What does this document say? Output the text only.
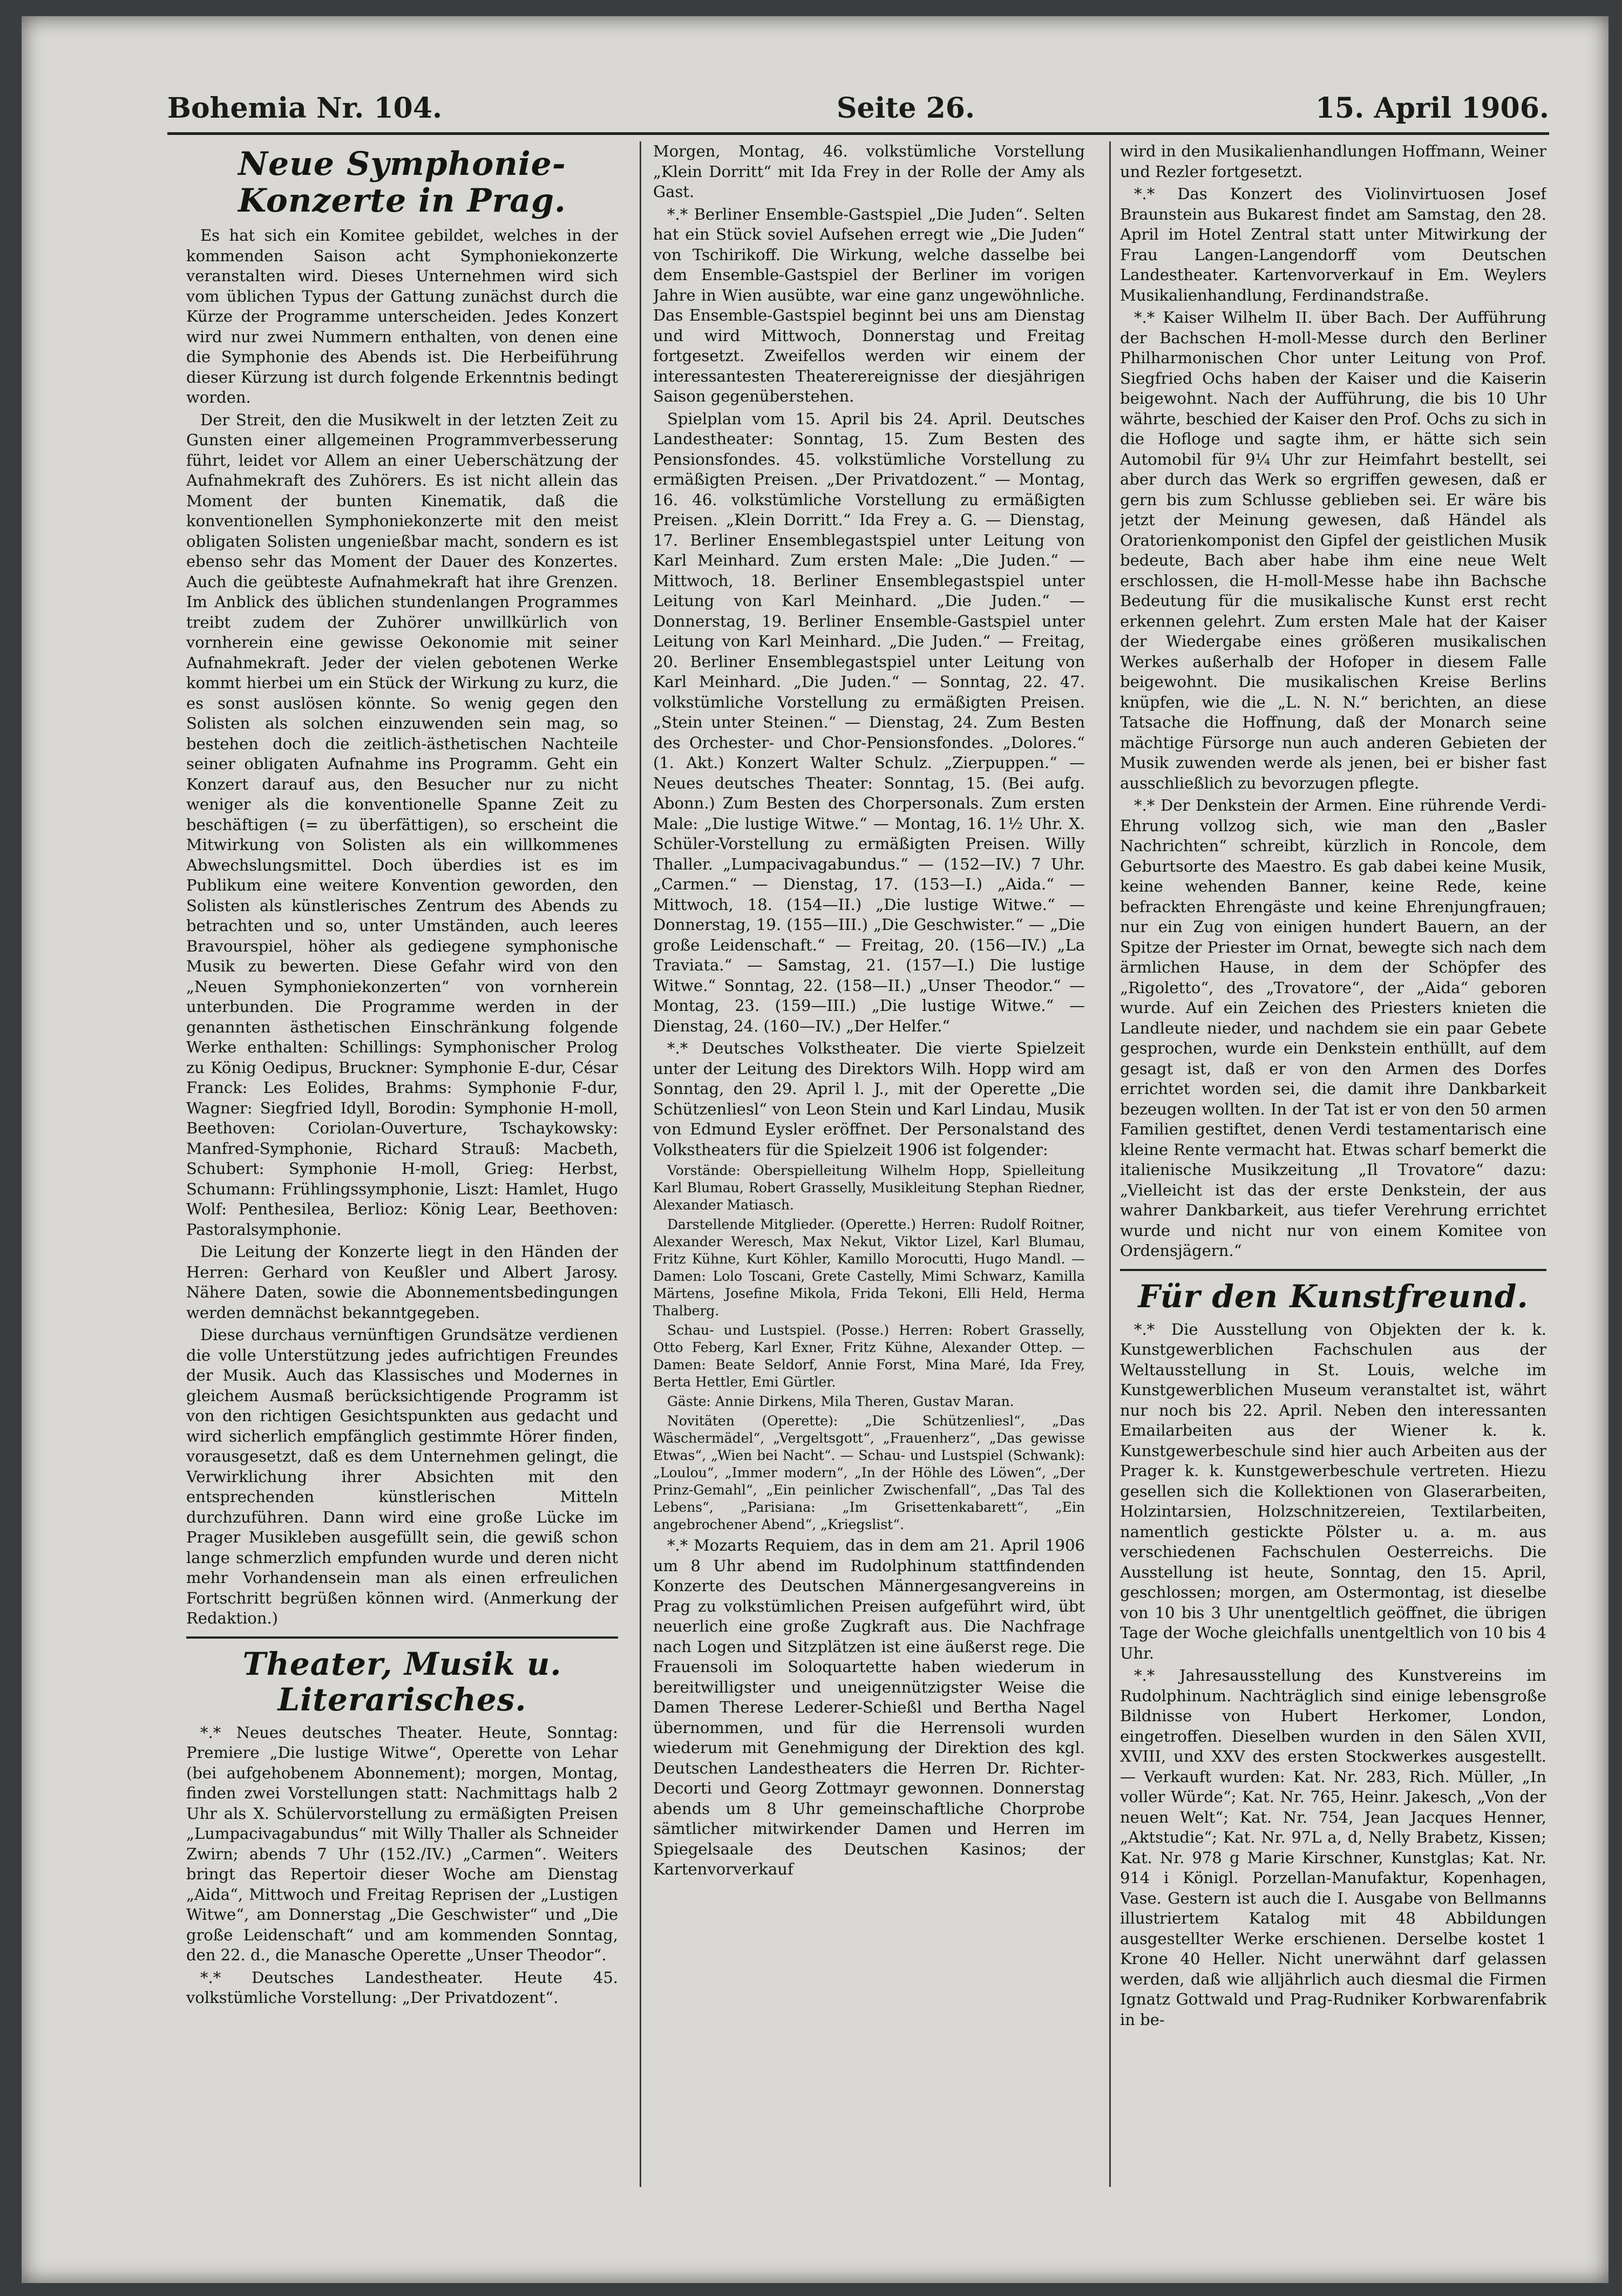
Bohemia Nr. 104.	Seite 26.	15. April 1906.
Neue Symphonie-Konzerte in Prag.

Es hat sich ein Komitee gebildet, welches in der kommenden Saison acht Symphoniekonzerte veranstalten wird. Dieses Unternehmen wird sich vom üblichen Typus der Gattung zunächst durch die Kürze der Programme unterscheiden. Jedes Konzert wird nur zwei Nummern enthalten, von denen eine die Symphonie des Abends ist. Die Herbeiführung dieser Kürzung ist durch folgende Erkenntnis bedingt worden.

Der Streit, den die Musikwelt in der letzten Zeit zu Gunsten einer allgemeinen Programmverbesserung führt, leidet vor Allem an einer Ueberschätzung der Aufnahmekraft des Zuhörers. Es ist nicht allein das Moment der bunten Kinematik, daß die konventionellen Symphoniekonzerte mit den meist obligaten Solisten ungenießbar macht, sondern es ist ebenso sehr das Moment der Dauer des Konzertes. Auch die geübteste Aufnahmekraft hat ihre Grenzen. Im Anblick des üblichen stundenlangen Programmes treibt zudem der Zuhörer unwillkürlich von vornherein eine gewisse Oekonomie mit seiner Aufnahmekraft. Jeder der vielen gebotenen Werke kommt hierbei um ein Stück der Wirkung zu kurz, die es sonst auslösen könnte. So wenig gegen den Solisten als solchen einzuwenden sein mag, so bestehen doch die zeitlich-ästhetischen Nachteile seiner obligaten Aufnahme ins Programm. Geht ein Konzert darauf aus, den Besucher nur zu nicht weniger als die konventionelle Spanne Zeit zu beschäftigen (= zu überfättigen), so erscheint die Mitwirkung von Solisten als ein willkommenes Abwechslungsmittel. Doch überdies ist es im Publikum eine weitere Konvention geworden, den Solisten als künstlerisches Zentrum des Abends zu betrachten und so, unter Umständen, auch leeres Bravourspiel, höher als gediegene symphonische Musik zu bewerten. Diese Gefahr wird von den „Neuen Symphoniekonzerten“ von vornherein unterbunden. Die Programme werden in der genannten ästhetischen Einschränkung folgende Werke enthalten: Schillings: Symphonischer Prolog zu König Oedipus, Bruckner: Symphonie E-dur, César Franck: Les Eolides, Brahms: Symphonie F-dur, Wagner: Siegfried Idyll, Borodin: Symphonie H-moll, Beethoven: Coriolan-Ouverture, Tschaykowsky: Manfred-Symphonie, Richard Strauß: Macbeth, Schubert: Symphonie H-moll, Grieg: Herbst, Schumann: Frühlingssymphonie, Liszt: Hamlet, Hugo Wolf: Penthesilea, Berlioz: König Lear, Beethoven: Pastoralsymphonie.

Die Leitung der Konzerte liegt in den Händen der Herren: Gerhard von Keußler und Albert Jarosy. Nähere Daten, sowie die Abonnementsbedingungen werden demnächst bekanntgegeben.

Diese durchaus vernünftigen Grundsätze verdienen die volle Unterstützung jedes aufrichtigen Freundes der Musik. Auch das Klassisches und Modernes in gleichem Ausmaß berücksichtigende Programm ist von den richtigen Gesichtspunkten aus gedacht und wird sicherlich empfänglich gestimmte Hörer finden, vorausgesetzt, daß es dem Unternehmen gelingt, die Verwirklichung ihrer Absichten mit den entsprechenden künstlerischen Mitteln durchzuführen. Dann wird eine große Lücke im Prager Musikleben ausgefüllt sein, die gewiß schon lange schmerzlich empfunden wurde und deren nicht mehr Vorhandensein man als einen erfreulichen Fortschritt begrüßen können wird. (Anmerkung der Redaktion.)

Theater, Musik u. Literarisches.

*.* Neues deutsches Theater. Heute, Sonntag: Premiere „Die lustige Witwe“, Operette von Lehar (bei aufgehobenem Abonnement); morgen, Montag, finden zwei Vorstellungen statt: Nachmittags halb 2 Uhr als X. Schülervorstellung zu ermäßigten Preisen „Lumpacivagabundus“ mit Willy Thaller als Schneider Zwirn; abends 7 Uhr (152./IV.) „Carmen“. Weiters bringt das Repertoir dieser Woche am Dienstag „Aida“, Mittwoch und Freitag Reprisen der „Lustigen Witwe“, am Donnerstag „Die Geschwister“ und „Die große Leidenschaft“ und am kommenden Sonntag, den 22. d., die Manasche Operette „Unser Theodor“.

*.* Deutsches Landestheater. Heute 45. volkstümliche Vorstellung: „Der Privatdozent“.

Morgen, Montag, 46. volkstümliche Vorstellung „Klein Dorritt“ mit Ida Frey in der Rolle der Amy als Gast.

*.* Berliner Ensemble-Gastspiel „Die Juden“. Selten hat ein Stück soviel Aufsehen erregt wie „Die Juden“ von Tschirikoff. Die Wirkung, welche dasselbe bei dem Ensemble-Gastspiel der Berliner im vorigen Jahre in Wien ausübte, war eine ganz ungewöhnliche. Das Ensemble-Gastspiel beginnt bei uns am Dienstag und wird Mittwoch, Donnerstag und Freitag fortgesetzt. Zweifellos werden wir einem der interessantesten Theaterereignisse der diesjährigen Saison gegenüberstehen.

Spielplan vom 15. April bis 24. April. Deutsches Landestheater: Sonntag, 15. Zum Besten des Pensionsfondes. 45. volkstümliche Vorstellung zu ermäßigten Preisen. „Der Privatdozent.“ — Montag, 16. 46. volkstümliche Vorstellung zu ermäßigten Preisen. „Klein Dorritt.“ Ida Frey a. G. — Dienstag, 17. Berliner Ensemblegastspiel unter Leitung von Karl Meinhard. Zum ersten Male: „Die Juden.“ — Mittwoch, 18. Berliner Ensemblegastspiel unter Leitung von Karl Meinhard. „Die Juden.“ — Donnerstag, 19. Berliner Ensemble-Gastspiel unter Leitung von Karl Meinhard. „Die Juden.“ — Freitag, 20. Berliner Ensemblegastspiel unter Leitung von Karl Meinhard. „Die Juden.“ — Sonntag, 22. 47. volkstümliche Vorstellung zu ermäßigten Preisen. „Stein unter Steinen.“ — Dienstag, 24. Zum Besten des Orchester- und Chor-Pensionsfondes. „Dolores.“ (1. Akt.) Konzert Walter Schulz. „Zierpuppen.“ — Neues deutsches Theater: Sonntag, 15. (Bei aufg. Abonn.) Zum Besten des Chorpersonals. Zum ersten Male: „Die lustige Witwe.“ — Montag, 16. 1½ Uhr. X. Schüler-Vorstellung zu ermäßigten Preisen. Willy Thaller. „Lumpacivagabundus.“ — (152—IV.) 7 Uhr. „Carmen.“ — Dienstag, 17. (153—I.) „Aida.“ — Mittwoch, 18. (154—II.) „Die lustige Witwe.“ — Donnerstag, 19. (155—III.) „Die Geschwister.“ — „Die große Leidenschaft.“ — Freitag, 20. (156—IV.) „La Traviata.“ — Samstag, 21. (157—I.) Die lustige Witwe.“ Sonntag, 22. (158—II.) „Unser Theodor.“ — Montag, 23. (159—III.) „Die lustige Witwe.“ — Dienstag, 24. (160—IV.) „Der Helfer.“

*.* Deutsches Volkstheater. Die vierte Spielzeit unter der Leitung des Direktors Wilh. Hopp wird am Sonntag, den 29. April l. J., mit der Operette „Die Schützenliesl“ von Leon Stein und Karl Lindau, Musik von Edmund Eysler eröffnet. Der Personalstand des Volkstheaters für die Spielzeit 1906 ist folgender:

Vorstände: Oberspielleitung Wilhelm Hopp, Spielleitung Karl Blumau, Robert Grasselly, Musikleitung Stephan Riedner, Alexander Matiasch.

Darstellende Mitglieder. (Operette.) Herren: Rudolf Roitner, Alexander Weresch, Max Nekut, Viktor Lizel, Karl Blumau, Fritz Kühne, Kurt Köhler, Kamillo Morocutti, Hugo Mandl. — Damen: Lolo Toscani, Grete Castelly, Mimi Schwarz, Kamilla Märtens, Josefine Mikola, Frida Tekoni, Elli Held, Herma Thalberg.

Schau- und Lustspiel. (Posse.) Herren: Robert Grasselly, Otto Feberg, Karl Exner, Fritz Kühne, Alexander Ottep. — Damen: Beate Seldorf, Annie Forst, Mina Maré, Ida Frey, Berta Hettler, Emi Gürtler.

Gäste: Annie Dirkens, Mila Theren, Gustav Maran.

Novitäten (Operette): „Die Schützenliesl“, „Das Wäschermädel“, „Vergeltsgott“, „Frauenherz“, „Das gewisse Etwas“, „Wien bei Nacht“. — Schau- und Lustspiel (Schwank): „Loulou“, „Immer modern“, „In der Höhle des Löwen“, „Der Prinz-Gemahl“, „Ein peinlicher Zwischenfall“, „Das Tal des Lebens“, „Parisiana: „Im Grisettenkabarett“, „Ein angebrochener Abend“, „Kriegslist“.

*.* Mozarts Requiem, das in dem am 21. April 1906 um 8 Uhr abend im Rudolphinum stattfindenden Konzerte des Deutschen Männergesangvereins in Prag zu volkstümlichen Preisen aufgeführt wird, übt neuerlich eine große Zugkraft aus. Die Nachfrage nach Logen und Sitzplätzen ist eine äußerst rege. Die Frauensoli im Soloquartette haben wiederum in bereitwilligster und uneigennützigster Weise die Damen Therese Lederer-Schießl und Bertha Nagel übernommen, und für die Herrensoli wurden wiederum mit Genehmigung der Direktion des kgl. Deutschen Landestheaters die Herren Dr. Richter-Decorti und Georg Zottmayr gewonnen. Donnerstag abends um 8 Uhr gemeinschaftliche Chorprobe sämtlicher mitwirkender Damen und Herren im Spiegelsaale des Deutschen Kasinos; der Kartenvorverkauf

wird in den Musikalienhandlungen Hoffmann, Weiner und Rezler fortgesetzt.

*.* Das Konzert des Violinvirtuosen Josef Braunstein aus Bukarest findet am Samstag, den 28. April im Hotel Zentral statt unter Mitwirkung der Frau Langen-Langendorff vom Deutschen Landestheater. Kartenvorverkauf in Em. Weylers Musikalienhandlung, Ferdinandstraße.

*.* Kaiser Wilhelm II. über Bach. Der Aufführung der Bachschen H-moll-Messe durch den Berliner Philharmonischen Chor unter Leitung von Prof. Siegfried Ochs haben der Kaiser und die Kaiserin beigewohnt. Nach der Aufführung, die bis 10 Uhr währte, beschied der Kaiser den Prof. Ochs zu sich in die Hofloge und sagte ihm, er hätte sich sein Automobil für 9¼ Uhr zur Heimfahrt bestellt, sei aber durch das Werk so ergriffen gewesen, daß er gern bis zum Schlusse geblieben sei. Er wäre bis jetzt der Meinung gewesen, daß Händel als Oratorienkomponist den Gipfel der geistlichen Musik bedeute, Bach aber habe ihm eine neue Welt erschlossen, die H-moll-Messe habe ihn Bachsche Bedeutung für die musikalische Kunst erst recht erkennen gelehrt. Zum ersten Male hat der Kaiser der Wiedergabe eines größeren musikalischen Werkes außerhalb der Hofoper in diesem Falle beigewohnt. Die musikalischen Kreise Berlins knüpfen, wie die „L. N. N.“ berichten, an diese Tatsache die Hoffnung, daß der Monarch seine mächtige Fürsorge nun auch anderen Gebieten der Musik zuwenden werde als jenen, bei er bisher fast ausschließlich zu bevorzugen pflegte.

*.* Der Denkstein der Armen. Eine rührende Verdi-Ehrung vollzog sich, wie man den „Basler Nachrichten“ schreibt, kürzlich in Roncole, dem Geburtsorte des Maestro. Es gab dabei keine Musik, keine wehenden Banner, keine Rede, keine befrackten Ehrengäste und keine Ehrenjungfrauen; nur ein Zug von einigen hundert Bauern, an der Spitze der Priester im Ornat, bewegte sich nach dem ärmlichen Hause, in dem der Schöpfer des „Rigoletto“, des „Trovatore“, der „Aida“ geboren wurde. Auf ein Zeichen des Priesters knieten die Landleute nieder, und nachdem sie ein paar Gebete gesprochen, wurde ein Denkstein enthüllt, auf dem gesagt ist, daß er von den Armen des Dorfes errichtet worden sei, die damit ihre Dankbarkeit bezeugen wollten. In der Tat ist er von den 50 armen Familien gestiftet, denen Verdi testamentarisch eine kleine Rente vermacht hat. Etwas scharf bemerkt die italienische Musikzeitung „Il Trovatore“ dazu: „Vielleicht ist das der erste Denkstein, der aus wahrer Dankbarkeit, aus tiefer Verehrung errichtet wurde und nicht nur von einem Komitee von Ordensjägern.“

Für den Kunstfreund.

*.* Die Ausstellung von Objekten der k. k. Kunstgewerblichen Fachschulen aus der Weltausstellung in St. Louis, welche im Kunstgewerblichen Museum veranstaltet ist, währt nur noch bis 22. April. Neben den interessanten Emailarbeiten aus der Wiener k. k. Kunstgewerbeschule sind hier auch Arbeiten aus der Prager k. k. Kunstgewerbeschule vertreten. Hiezu gesellen sich die Kollektionen von Glaserarbeiten, Holzintarsien, Holzschnitzereien, Textilarbeiten, namentlich gestickte Pölster u. a. m. aus verschiedenen Fachschulen Oesterreichs. Die Ausstellung ist heute, Sonntag, den 15. April, geschlossen; morgen, am Ostermontag, ist dieselbe von 10 bis 3 Uhr unentgeltlich geöffnet, die übrigen Tage der Woche gleichfalls unentgeltlich von 10 bis 4 Uhr.

*.* Jahresausstellung des Kunstvereins im Rudolphinum. Nachträglich sind einige lebensgroße Bildnisse von Hubert Herkomer, London, eingetroffen. Dieselben wurden in den Sälen XVII, XVIII, und XXV des ersten Stockwerkes ausgestellt. — Verkauft wurden: Kat. Nr. 283, Rich. Müller, „In voller Würde“; Kat. Nr. 765, Heinr. Jakesch, „Von der neuen Welt“; Kat. Nr. 754, Jean Jacques Henner, „Aktstudie“; Kat. Nr. 97L a, d, Nelly Brabetz, Kissen; Kat. Nr. 978 g Marie Kirschner, Kunstglas; Kat. Nr. 914 i Königl. Porzellan-Manufaktur, Kopenhagen, Vase. Gestern ist auch die I. Ausgabe von Bellmanns illustriertem Katalog mit 48 Abbildungen ausgestellter Werke erschienen. Derselbe kostet 1 Krone 40 Heller. Nicht unerwähnt darf gelassen werden, daß wie alljährlich auch diesmal die Firmen Ignatz Gottwald und Prag-Rudniker Korbwarenfabrik in be-
